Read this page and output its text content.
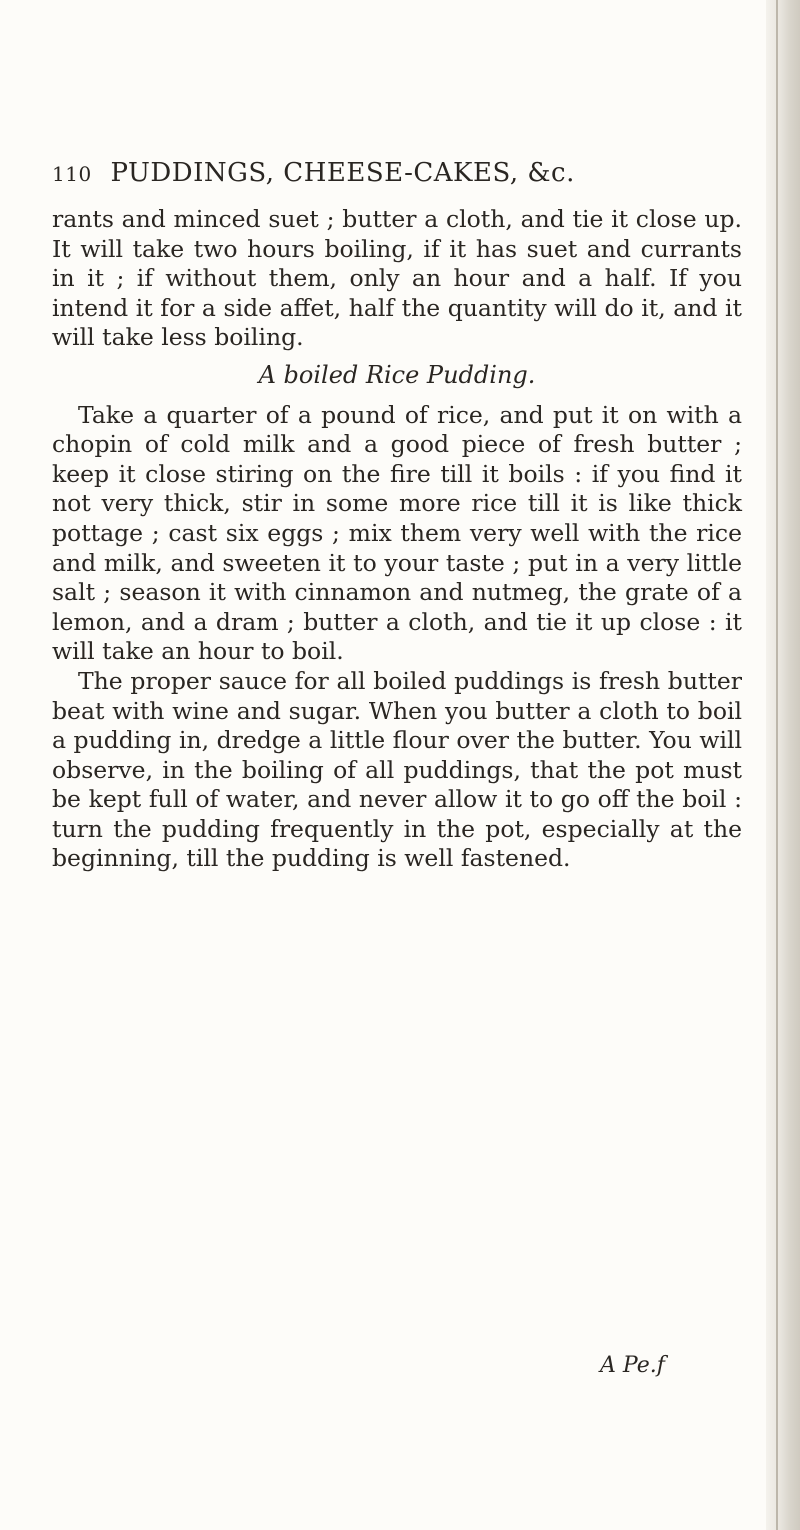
110 PUDDINGS, CHEESE-CAKES, &c.

rants and minced suet ; butter a cloth, and tie it close up. It will take two hours boiling, if it has suet and currants in it ; if without them, only an hour and a half. If you intend it for a side affet, half the quantity will do it, and it will take less boiling.

A boiled Rice Pudding.

Take a quarter of a pound of rice, and put it on with a chopin of cold milk and a good piece of fresh butter ; keep it close stiring on the fire till it boils : if you find it not very thick, stir in some more rice till it is like thick pottage ; cast six eggs ; mix them very well with the rice and milk, and sweeten it to your taste ; put in a very little salt ; season it with cinnamon and nutmeg, the grate of a lemon, and a dram ; butter a cloth, and tie it up close : it will take an hour to boil.

The proper sauce for all boiled puddings is fresh butter beat with wine and sugar. When you butter a cloth to boil a pudding in, dredge a little flour over the butter. You will observe, in the boiling of all puddings, that the pot must be kept full of water, and never allow it to go off the boil : turn the pudding frequently in the pot, especially at the beginning, till the pudding is well fastened.

A Pe.f
